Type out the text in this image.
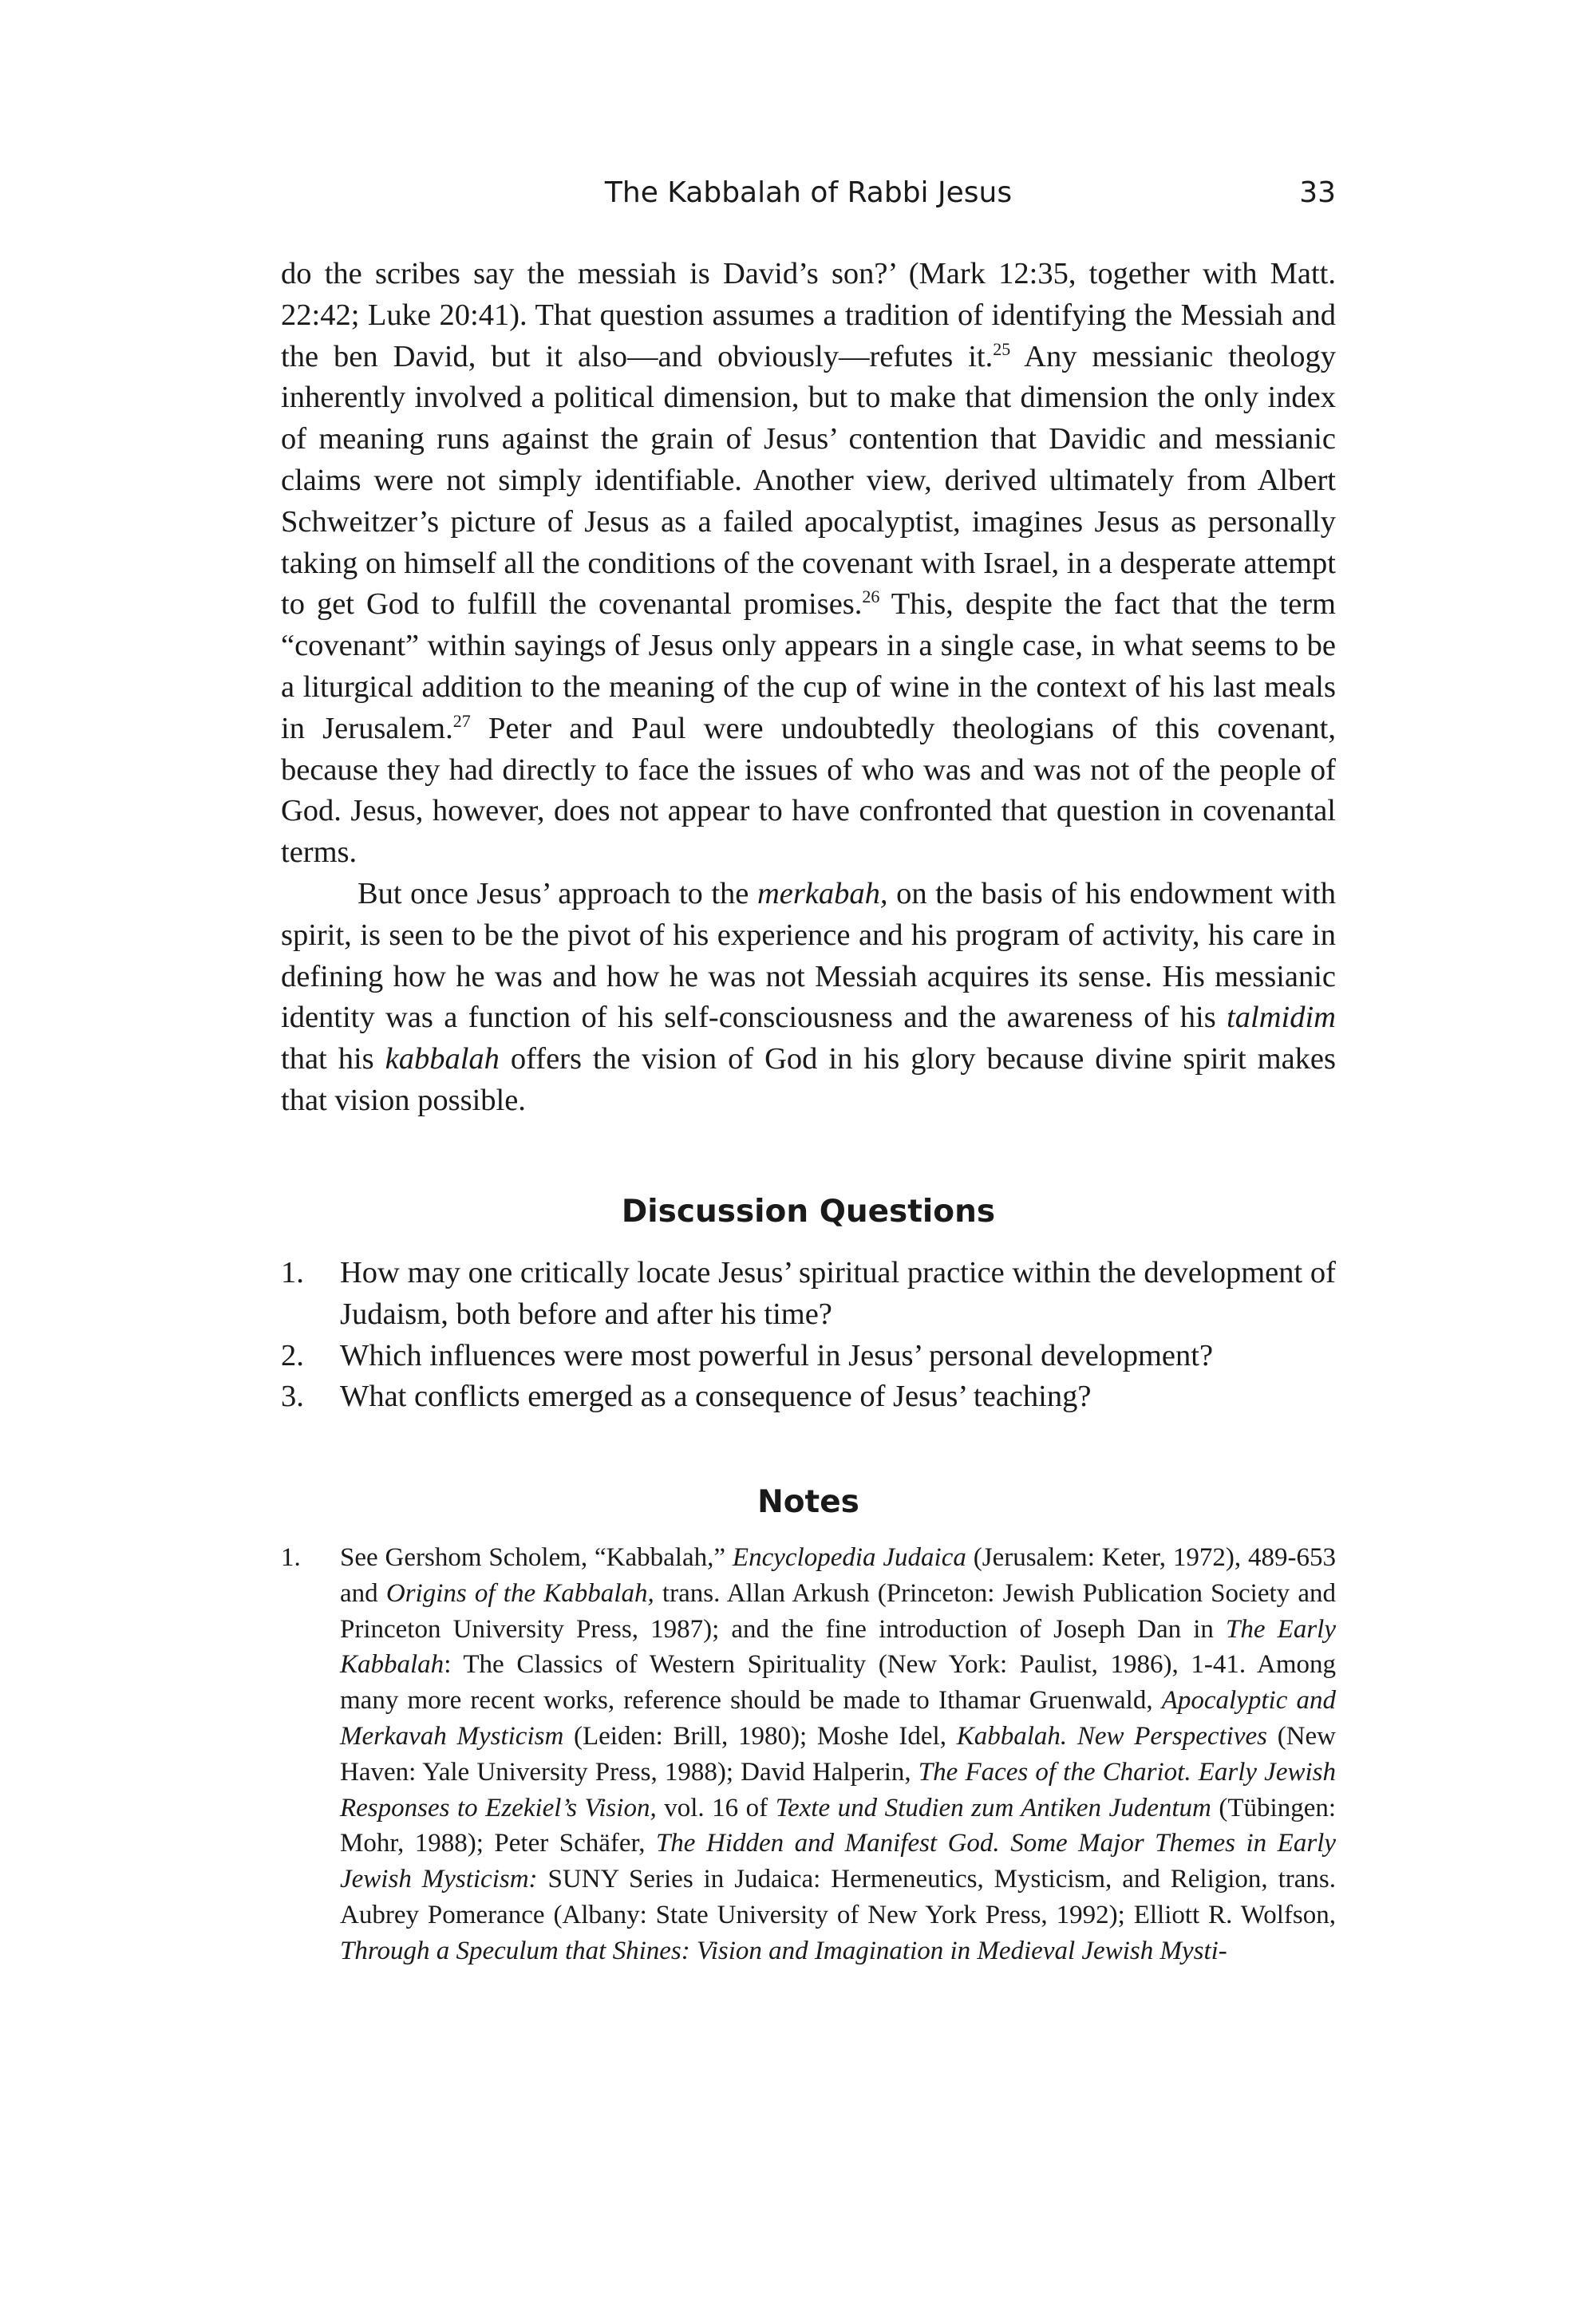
The Kabbalah of Rabbi Jesus	33

do the scribes say the messiah is David’s son?’ (Mark 12:35, together with Matt. 22:42; Luke 20:41). That question assumes a tradition of identifying the Messiah and the ben David, but it also—and obviously—refutes it.$^{25}$ Any messianic theology inherently involved a political dimension, but to make that dimension the only index of meaning runs against the grain of Jesus’ contention that Davidic and messianic claims were not simply identifiable. Another view, derived ultimately from Albert Schweitzer’s picture of Jesus as a failed apocalyptist, imagines Jesus as personally taking on himself all the conditions of the covenant with Israel, in a desperate attempt to get God to fulfill the covenantal promises.$^{26}$ This, despite the fact that the term “covenant” within sayings of Jesus only appears in a single case, in what seems to be a liturgical addition to the meaning of the cup of wine in the context of his last meals in Jerusalem.$^{27}$ Peter and Paul were undoubtedly theologians of this covenant, because they had directly to face the issues of who was and was not of the people of God. Jesus, however, does not appear to have confronted that question in covenantal terms.

But once Jesus’ approach to the merkabah, on the basis of his endowment with spirit, is seen to be the pivot of his experience and his program of activity, his care in defining how he was and how he was not Messiah acquires its sense. His messianic identity was a function of his self-consciousness and the awareness of his talmidim that his kabbalah offers the vision of God in his glory because divine spirit makes that vision possible.

Discussion Questions
1. How may one critically locate Jesus’ spiritual practice within the development of Judaism, both before and after his time?
2. Which influences were most powerful in Jesus’ personal development?
3. What conflicts emerged as a consequence of Jesus’ teaching?
Notes
1. See Gershom Scholem, “Kabbalah,” Encyclopedia Judaica (Jerusalem: Keter, 1972), 489-653 and Origins of the Kabbalah, trans. Allan Arkush (Princeton: Jewish Publication Society and Princeton University Press, 1987); and the fine introduction of Joseph Dan in The Early Kabbalah: The Classics of Western Spirituality (New York: Paulist, 1986), 1-41. Among many more recent works, reference should be made to Ithamar Gruenwald, Apocalyptic and Merkavah Mysticism (Leiden: Brill, 1980); Moshe Idel, Kabbalah. New Perspectives (New Haven: Yale University Press, 1988); David Halperin, The Faces of the Chariot. Early Jewish Responses to Ezekiel’s Vision, vol. 16 of Texte und Studien zum Antiken Judentum (Tübingen: Mohr, 1988); Peter Schäfer, The Hidden and Manifest God. Some Major Themes in Early Jewish Mysticism: SUNY Series in Judaica: Hermeneutics, Mysticism, and Religion, trans. Aubrey Pomerance (Albany: State University of New York Press, 1992); Elliott R. Wolfson, Through a Speculum that Shines: Vision and Imagination in Medieval Jewish Mysti-
